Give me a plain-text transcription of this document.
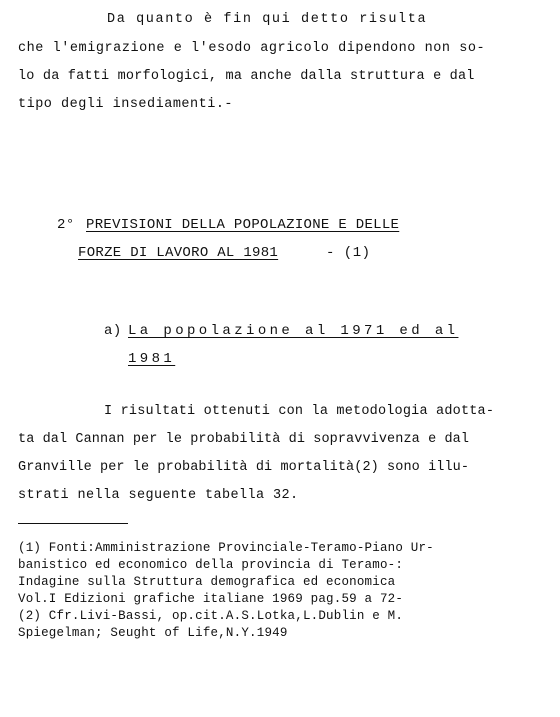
Da quanto è fin qui detto risulta
che l'emigrazione e l'esodo agricolo dipendono non so-
lo da fatti morfologici, ma anche dalla struttura e dal
tipo degli insediamenti.-
2° PREVISIONI DELLA POPOLAZIONE E DELLE
FORZE DI LAVORO AL 1981	- (1)
a) La popolazione al 1971 ed al
1981
I risultati ottenuti con la metodologia adotta-
ta dal Cannan per le probabilità di sopravvivenza e dal
Granville per le probabilità di mortalità(2) sono illu-
strati nella seguente tabella 32.
(1) Fonti:Amministrazione Provinciale-Teramo-Piano Ur-
banistico ed economico della provincia di Teramo-:
Indagine sulla Struttura demografica ed economica
Vol.I Edizioni grafiche italiane 1969 pag.59 a 72-
(2) Cfr.Livi-Bassi, op.cit.A.S.Lotka,L.Dublin e M.
Spiegelman; Seught of Life,N.Y.1949
